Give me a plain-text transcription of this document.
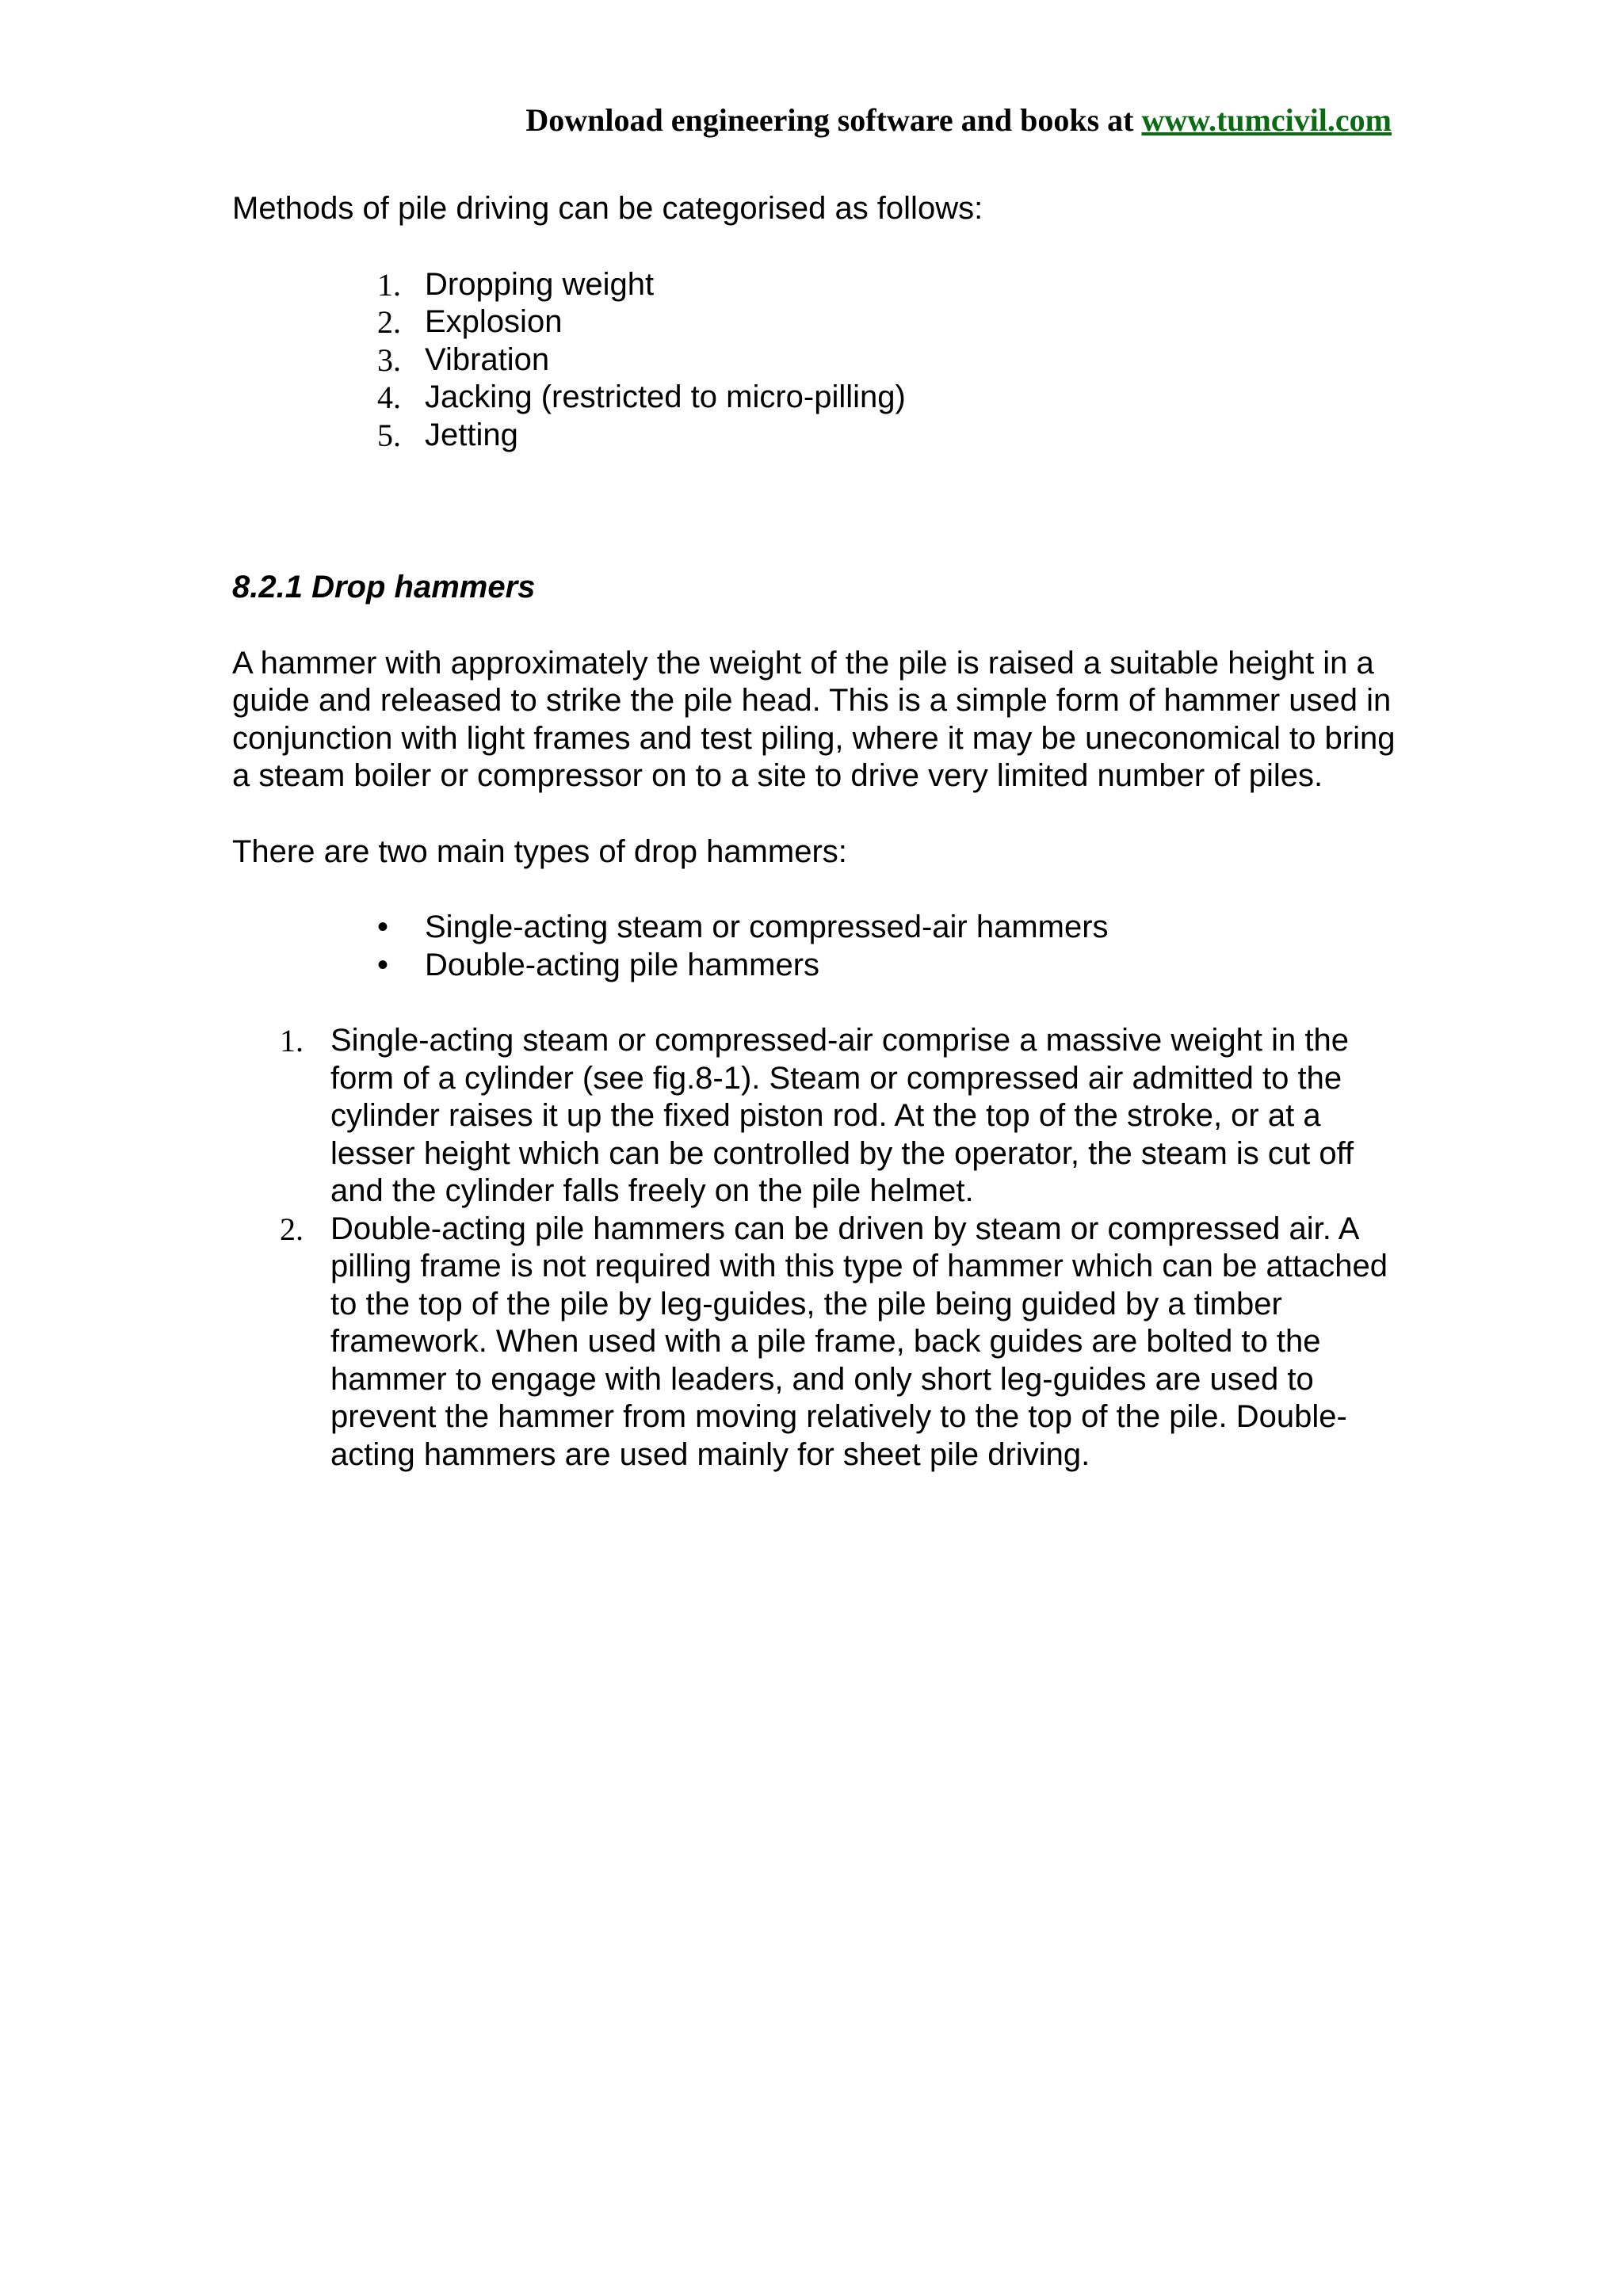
Download engineering software and books at www.tumcivil.com

Methods of pile driving can be categorised as follows:

1. Dropping weight
2. Explosion
3. Vibration
4. Jacking (restricted to micro-pilling)
5. Jetting

8.2.1 Drop hammers

A hammer with approximately the weight of the pile is raised a suitable height in a guide and released to strike the pile head. This is a simple form of hammer used in conjunction with light frames and test piling, where it may be uneconomical to bring a steam boiler or compressor on to a site to drive very limited number of piles.

There are two main types of drop hammers:

•	Single-acting steam or compressed-air hammers
•	Double-acting pile hammers
1. Single-acting steam or compressed-air comprise a massive weight in the form of a cylinder (see fig.8-1). Steam or compressed air admitted to the cylinder raises it up the fixed piston rod. At the top of the stroke, or at a lesser height which can be controlled by the operator, the steam is cut off and the cylinder falls freely on the pile helmet.
2. Double-acting pile hammers can be driven by steam or compressed air. A pilling frame is not required with this type of hammer which can be attached to the top of the pile by leg-guides, the pile being guided by a timber framework. When used with a pile frame, back guides are bolted to the hammer to engage with leaders, and only short leg-guides are used to prevent the hammer from moving relatively to the top of the pile. Double-acting hammers are used mainly for sheet pile driving.
